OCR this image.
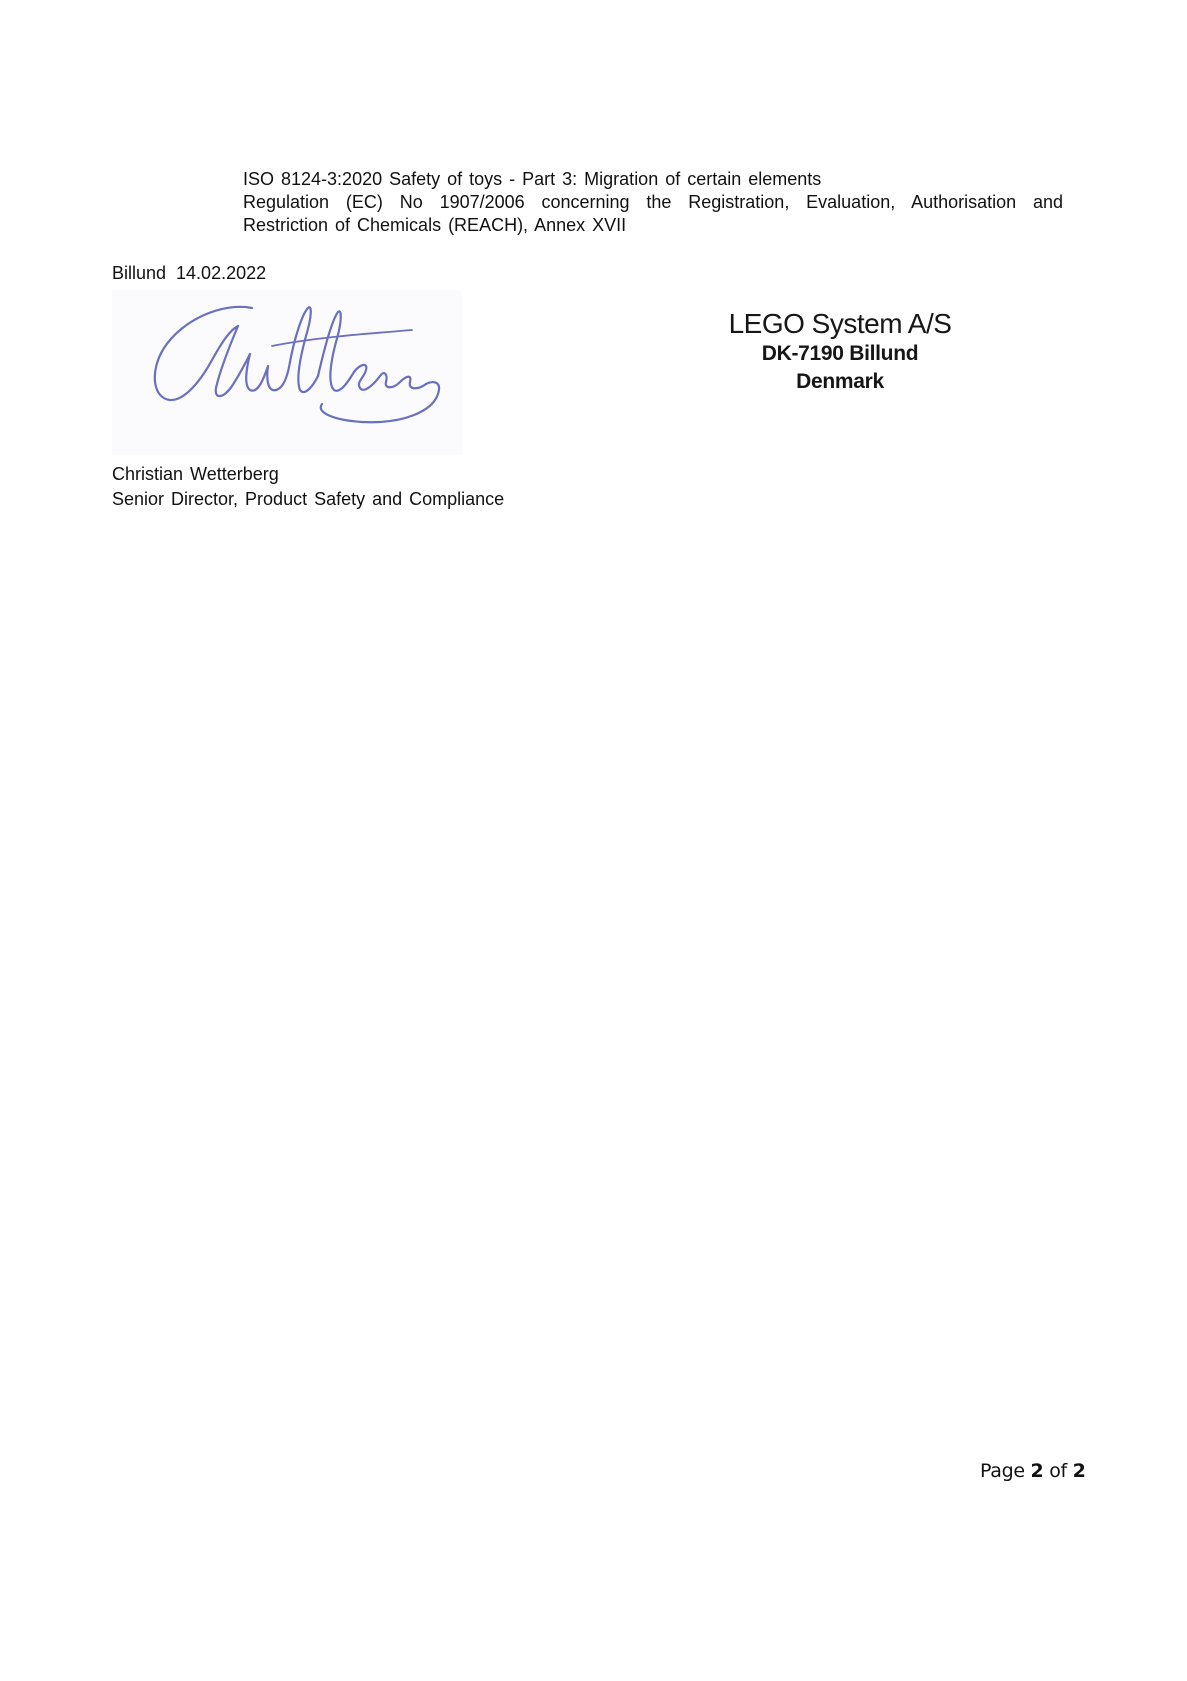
ISO 8124-3:2020 Safety of toys - Part 3: Migration of certain elements
Regulation (EC) No 1907/2006 concerning the Registration, Evaluation, Authorisation and
Restriction of Chemicals (REACH), Annex XVII
Billund  14.02.2022
LEGO System A/S
DK-7190 Billund
Denmark
Christian Wetterberg
Senior Director, Product Safety and Compliance
Page 2 of 2
